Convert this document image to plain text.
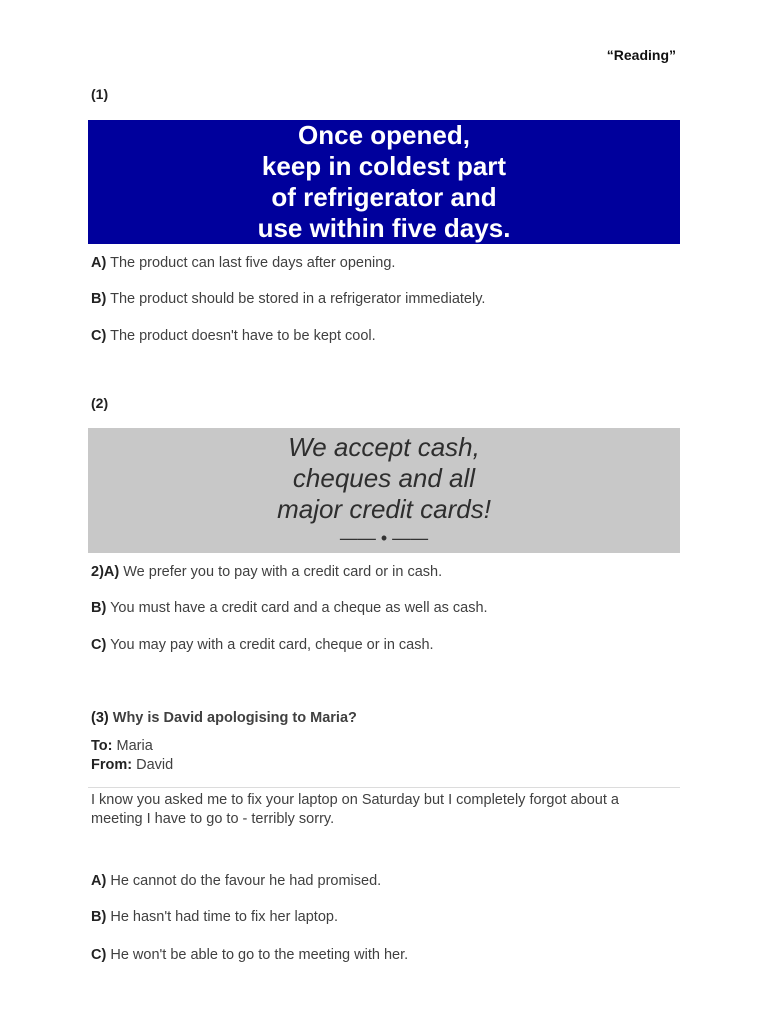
“Reading”
(1)
Once opened,
keep in coldest part
of refrigerator and
use within five days.
A) The product can last five days after opening.
B) The product should be stored in a refrigerator immediately.
C) The product doesn't have to be kept cool.
(2)
We accept cash,
cheques and all
major credit cards!
—— • ——
2)A) We prefer you to pay with a credit card or in cash.
B) You must have a credit card and a cheque as well as cash.
C) You may pay with a credit card, cheque or in cash.
(3) Why is David apologising to Maria?
To: Maria
From: David
I know you asked me to fix your laptop on Saturday but I completely forgot about a meeting I have to go to - terribly sorry.
A) He cannot do the favour he had promised.
B) He hasn't had time to fix her laptop.
C) He won't be able to go to the meeting with her.
